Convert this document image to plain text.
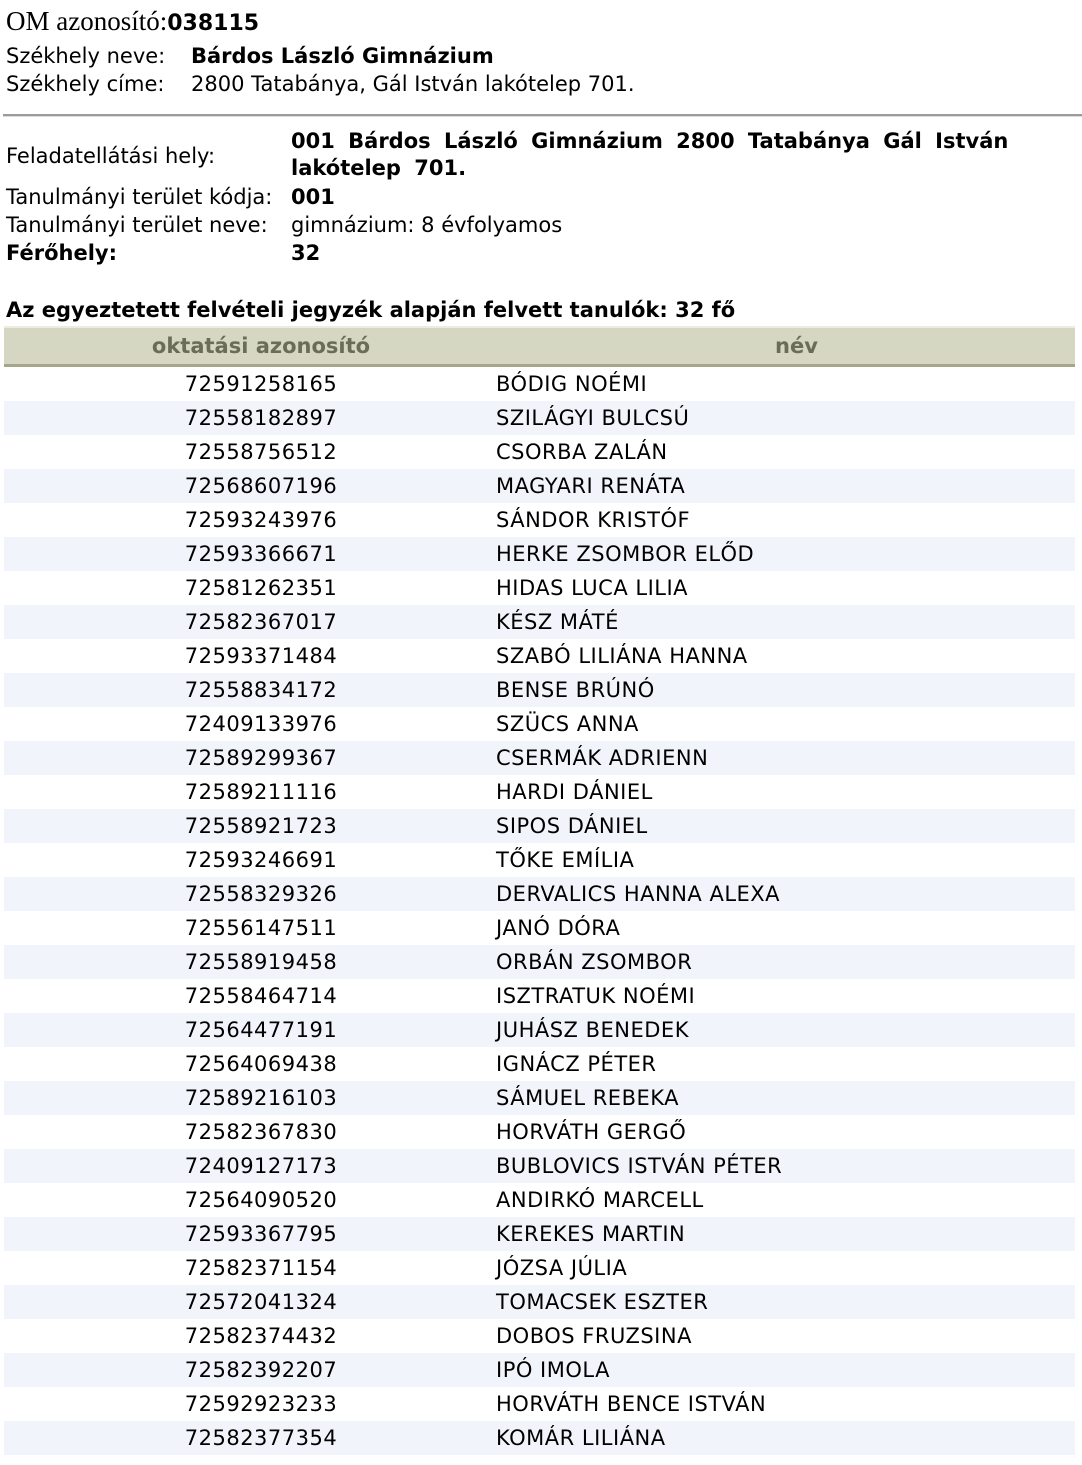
OM azonosító:038115
Székhely neve: Bárdos László Gimnázium
Székhely címe: 2800 Tatabánya, Gál István lakótelep 701.
Feladatellátási hely:
001 Bárdos László Gimnázium 2800 Tatabánya Gál István lakótelep 701.
Tanulmányi terület kódja: 001
Tanulmányi terület neve: gimnázium: 8 évfolyamos
Férőhely:	32
Az egyeztetett felvételi jegyzék alapján felvett tanulók: 32 fő
oktatási azonosító	név
72591258165	BÓDIG NOÉMI
72558182897	SZILÁGYI BULCSÚ
72558756512	CSORBA ZALÁN
72568607196	MAGYARI RENÁTA
72593243976	SÁNDOR KRISTÓF
72593366671	HERKE ZSOMBOR ELŐD
72581262351	HIDAS LUCA LILIA
72582367017	KÉSZ MÁTÉ
72593371484	SZABÓ LILIÁNA HANNA
72558834172	BENSE BRÚNÓ
72409133976	SZÜCS ANNA
72589299367	CSERMÁK ADRIENN
72589211116	HARDI DÁNIEL
72558921723	SIPOS DÁNIEL
72593246691	TŐKE EMÍLIA
72558329326	DERVALICS HANNA ALEXA
72556147511	JANÓ DÓRA
72558919458	ORBÁN ZSOMBOR
72558464714	ISZTRATUK NOÉMI
72564477191	JUHÁSZ BENEDEK
72564069438	IGNÁCZ PÉTER
72589216103	SÁMUEL REBEKA
72582367830	HORVÁTH GERGŐ
72409127173	BUBLOVICS ISTVÁN PÉTER
72564090520	ANDIRKÓ MARCELL
72593367795	KEREKES MARTIN
72582371154	JÓZSA JÚLIA
72572041324	TOMACSEK ESZTER
72582374432	DOBOS FRUZSINA
72582392207	IPÓ IMOLA
72592923233	HORVÁTH BENCE ISTVÁN
72582377354	KOMÁR LILIÁNA
